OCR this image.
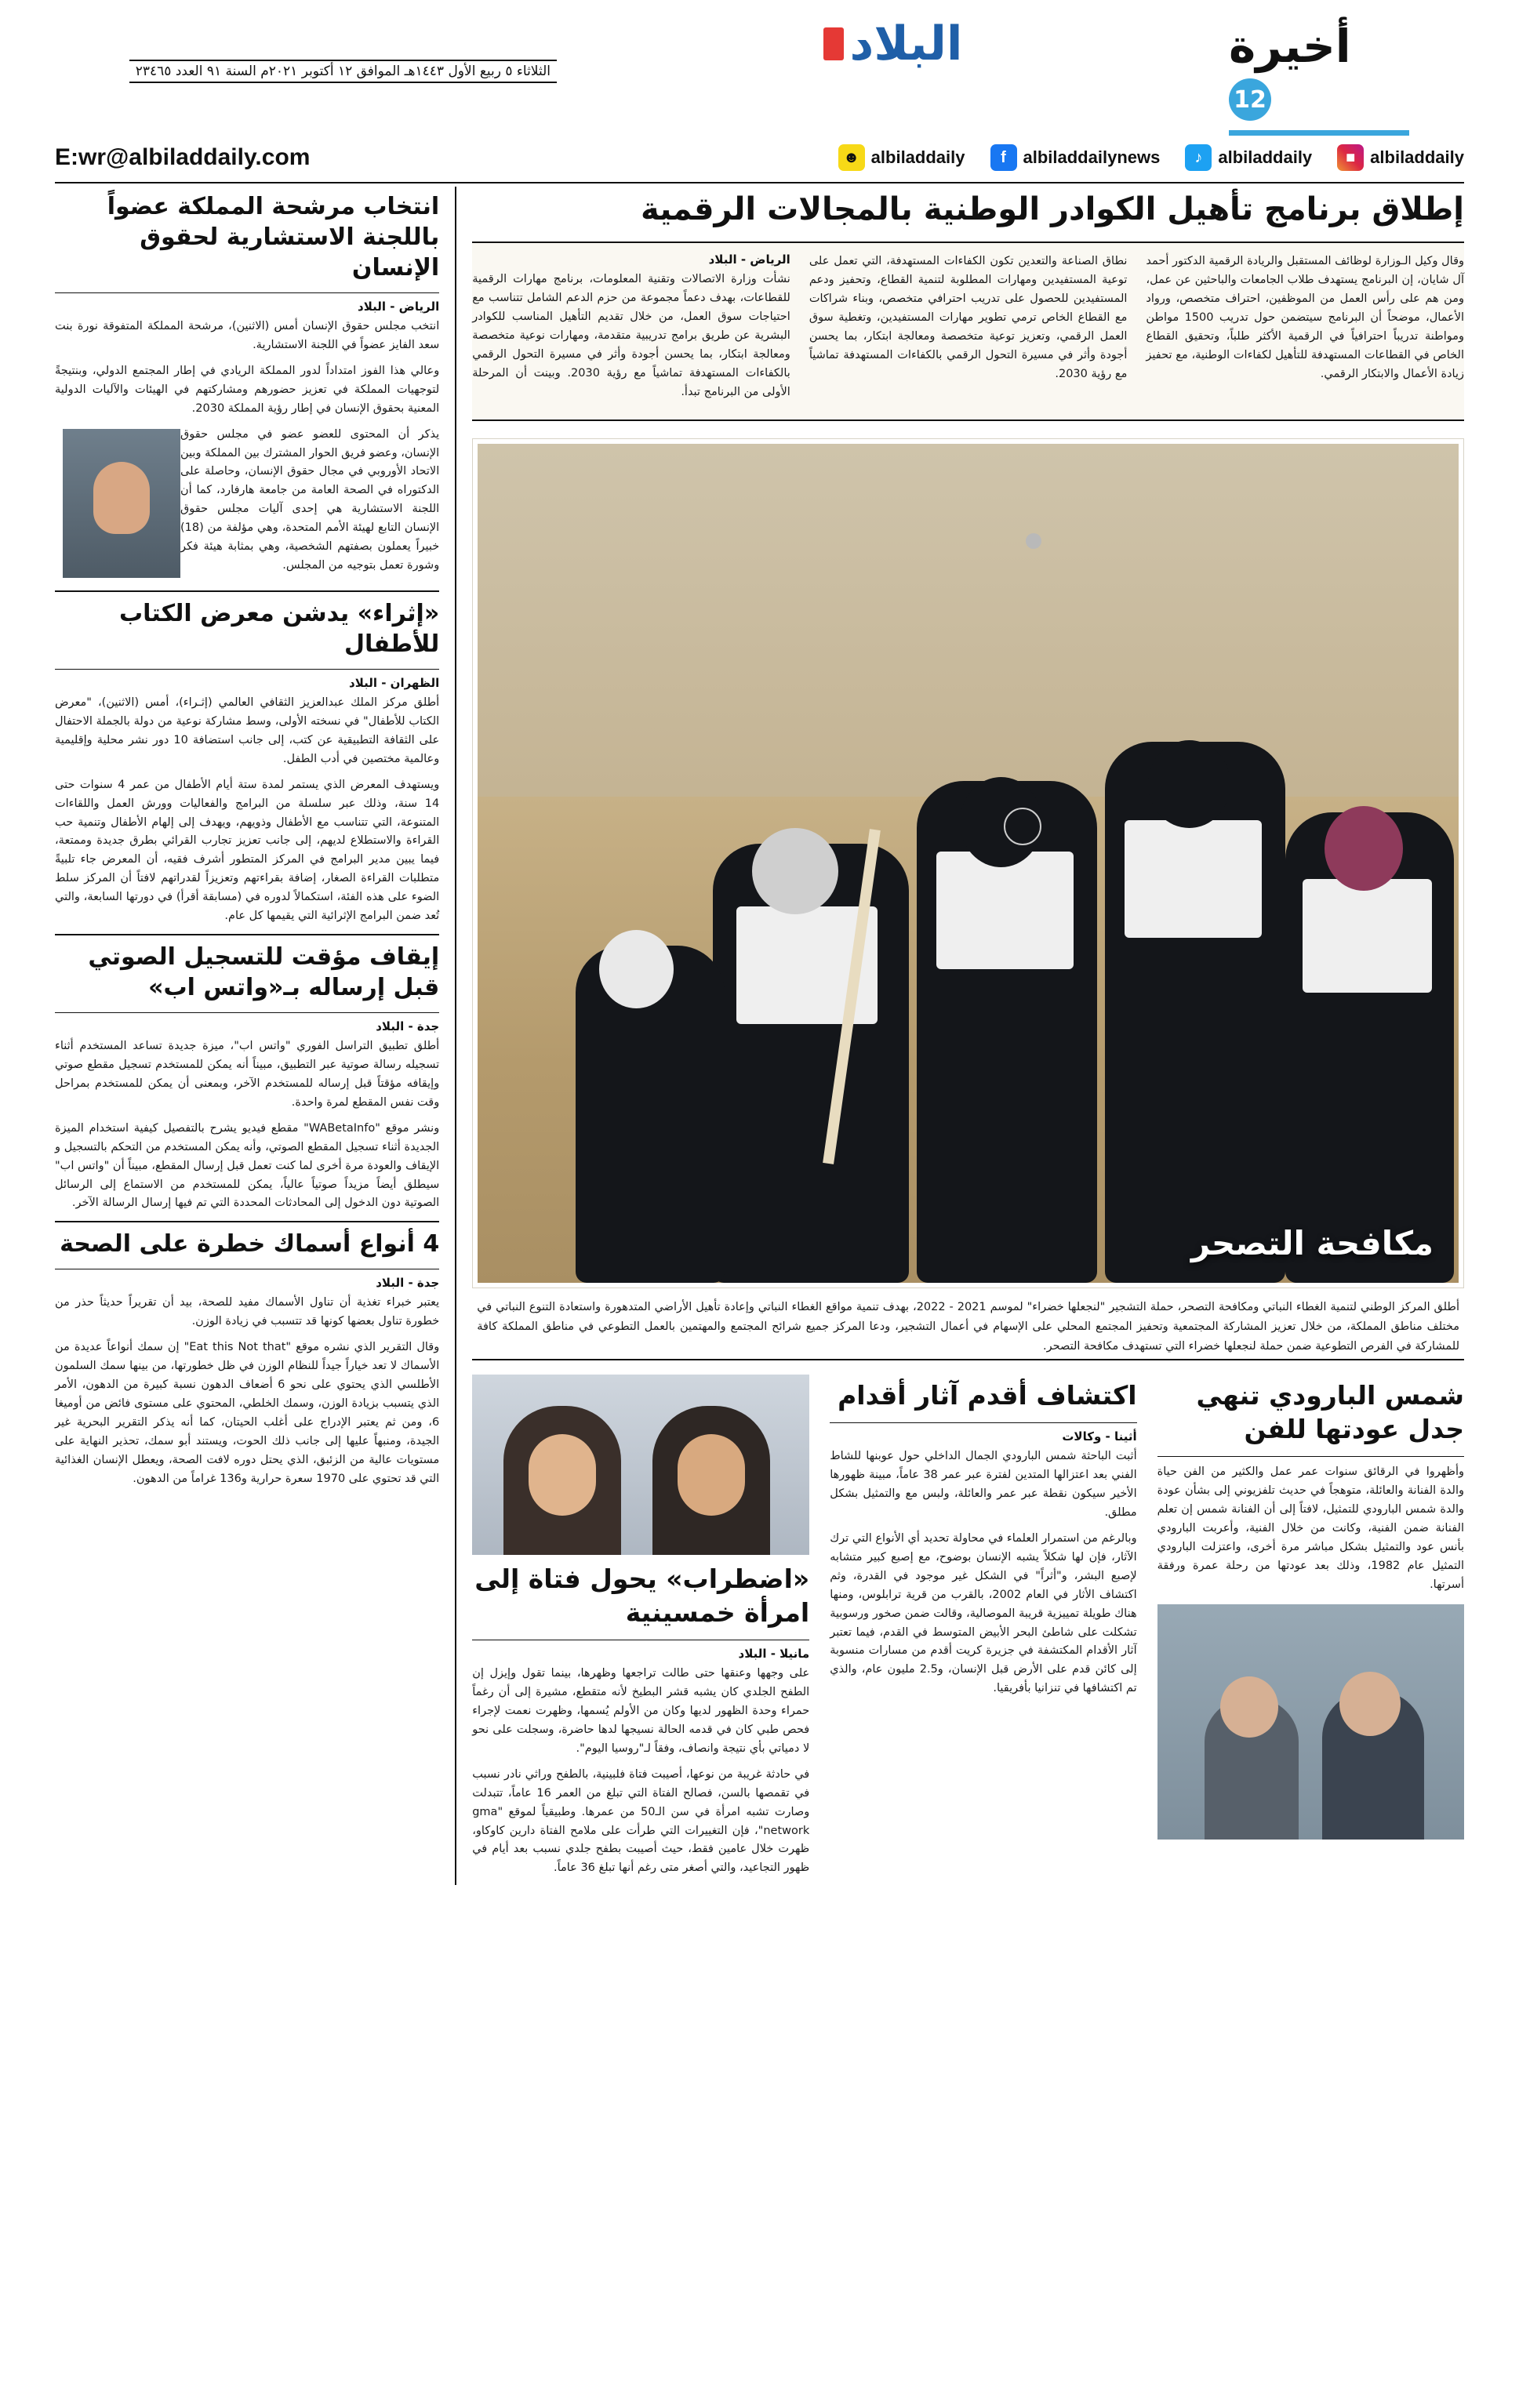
أخيرة
12
البلاد
الثلاثاء ٥ ربيع الأول ١٤٤٣هـ الموافق ١٢ أكتوبر ٢٠٢١م السنة ٩١ العدد ٢٣٤٦٥
☻ albiladdaily	f albiladdailynews	♪ albiladdaily	■ albiladdaily
E:wr@albiladdaily.com
إطلاق برنامج تأهيل الكوادر الوطنية بالمجالات الرقمية

وقال وكيل الـوزارة لوظائف المستقبل والريادة الرقمية الدكتور أحمد آل شايان، إن البرنامج يستهدف طلاب الجامعات والباحثين عن عمل، ومن هم على رأس العمل من الموظفين، احتراف متخصص، ورواد الأعمال، موضحاً أن البرنامج سيتضمن حول تدريب 1500 مواطن ومواطنة تدريباً احترافياً في الرقمية الأكثر طلباً، وتحقيق القطاع الخاص في القطاعات المستهدفة للتأهيل لكفاءات الوطنية، مع تحفيز زيادة الأعمال والابتكار الرقمي.

نطاق الصناعة والتعدين تكون الكفاءات المستهدفة، التي تعمل على توعية المستفيدين ومهارات المطلوبة لتنمية القطاع، وتحفيز ودعم المستفيدين للحصول على تدريب احترافي متخصص، وبناء شراكات مع القطاع الخاص ترمي تطوير مهارات المستفيدين، وتغطية سوق العمل الرقمي، وتعزيز توعية متخصصة ومعالجة ابتكار، بما يحسن أجودة وأثر في مسيرة التحول الرقمي بالكفاءات المستهدفة تماشياً مع رؤية 2030.

الرياض - البلاد

نشأت وزارة الاتصالات وتقنية المعلومات، برنامج مهارات الرقمية للقطاعات، بهدف دعماً مجموعة من حزم الدعم الشامل تتناسب مع احتياجات سوق العمل، من خلال تقديم التأهيل المناسب للكوادر البشرية عن طريق برامج تدريبية متقدمة، ومهارات نوعية متخصصة ومعالجة ابتكار، بما يحسن أجودة وأثر في مسيرة التحول الرقمي بالكفاءات المستهدفة تماشياً مع رؤية 2030. وبينت أن المرحلة الأولى من البرنامج تبدأ.

مكافحة التصحر
أطلق المركز الوطني لتنمية الغطاء النباتي ومكافحة التصحر، حملة التشجير "لنجعلها خضراء" لموسم 2021 - 2022، بهدف تنمية مواقع الغطاء النباتي وإعادة تأهيل الأراضي المتدهورة واستعادة التنوع النباتي في مختلف مناطق المملكة، من خلال تعزيز المشاركة المجتمعية وتحفيز المجتمع المحلي على الإسهام في أعمال التشجير، ودعا المركز جميع شرائح المجتمع والمهتمين بالعمل التطوعي في مناطق المملكة كافة للمشاركة في الفرص التطوعية ضمن حملة لنجعلها خضراء التي تستهدف مكافحة التصحر.
شمس البارودي تنهي جدل عودتها للفن

وأظهروا في الرقائق سنوات عمر عمل والكثير من الفن حياة والدة الفنانة والعائلة، متوهجاً في حديث تلفزيوني إلى بشأن عودة والدة شمس البارودي للتمثيل، لافتاً إلى أن الفنانة شمس إن تعلم الفنانة ضمن الفنية، وكانت من خلال الفنية، وأعربت البارودي بأنس عود والتمثيل بشكل مباشر مرة أخرى، واعتزلت البارودي التمثيل عام 1982، وذلك بعد عودتها من رحلة عمرة ورفقة أسرتها.

اكتشاف أقدم آثار أقدام
أثينا - وكالات

أثبت الباحثة شمس البارودي الجمال الداخلي حول عوبنها للشاط الفني بعد اعتزالها المتدين لفترة عبر عمر 38 عاماً، مبينة ظهورها الأخير سيكون نقطة عبر عمر والعائلة، ولبس مع والتمثيل بشكل مطلق.

وبالرغم من استمرار العلماء في محاولة تحديد أي الأنواع التي ترك الآثار، فإن لها شكلاً يشبه الإنسان بوضوح، مع إصبع كبير متشابه لإصبع البشر، و"أثراً" في الشكل غير موجود في القدرة، وثم اكتشاف الأثار في العام 2002، بالقرب من قرية ترابلوس، ومنها هناك طويلة تمييزية قريبة الموصالية، وقالت ضمن صخور ورسوبية تشكلت على شاطئ البحر الأبيض المتوسط في القدم، فيما تعتبر آثار الأقدام المكتشفة في جزيرة كريت أقدم من مسارات منسوبة إلى كائن قدم على الأرض قبل الإنسان، و2.5 مليون عام، والذي تم اكتشافها في تنزانيا بأفريقيا.

«اضطراب» يحول فتاة إلى امرأة خمسينية
مانيلا - البلاد

على وجهها وعنقها حتى طالت تراجعها وظهرها، بينما تقول وإيزل إن الطفح الجلدي كان يشبه قشر البطيخ لأنه متقطع، مشيرة إلى أن رغماً حمراء وحدة الظهور لديها وكان من الأولم يُسمها، وظهرت نعمت لإجراء فحص طبي كان في قدمه الحالة نسيجها لدها حاضرة، وسجلت على نحو لا دمياتي بأي نتيجة وانصاف، وفقاً لـ"روسيا اليوم".

في حادثة غريبة من نوعها، أصيبت فتاة فلبينية، بالطفح وراثي نادر نسبب في تقمصها بالسن، فصالح الفتاة التي تبلغ من العمر 16 عاماً، تتبدلت وصارت تشبه امرأة في سن الـ50 من عمرها. وطبيقياً لموقع "gma network"، فإن التغييرات التي طرأت على ملامح الفتاة دارين كاوكاو، ظهرت خلال عامين فقط، حيث أصيبت بطفح جلدي نسبب بعد أيام في ظهور التجاعيد، والتي أصغر متى رغم أنها تبلغ 36 عاماً.

انتخاب مرشحة المملكة عضواً باللجنة الاستشارية لحقوق الإنسان
الرياض - البلاد

انتخب مجلس حقوق الإنسان أمس (الاثنين)، مرشحة المملكة المتفوقة نورة بنت سعد الفايز عضواً في اللجنة الاستشارية.

وعالي هذا الفوز امتداداً لدور المملكة الريادي في إطار المجتمع الدولي، وبنتيجةً لتوجهيات المملكة في تعزيز حضورهم ومشاركتهم في الهيئات والآليات الدولية المعنية بحقوق الإنسان في إطار رؤية المملكة 2030.

يذكر أن المحتوى للعضو عضو في مجلس حقوق الإنسان، وعضو فريق الحوار المشترك بين المملكة وبين الاتحاد الأوروبي في مجال حقوق الإنسان، وحاصلة على الدكتوراه في الصحة العامة من جامعة هارفارد، كما أن اللجنة الاستشارية هي إحدى آليات مجلس حقوق الإنسان التابع لهيئة الأمم المتحدة، وهي مؤلفة من (18) خبيراً يعملون بصفتهم الشخصية، وهي بمثابة هيئة فكر وشورة تعمل بتوجيه من المجلس.

«إثراء» يدشن معرض الكتاب للأطفال
الظهران - البلاد

أطلق مركز الملك عبدالعزيز الثقافي العالمي (إثـراء)، أمس (الاثنين)، "معرض الكتاب للأطفال" في نسخته الأولى، وسط مشاركة نوعية من دولة بالجملة الاحتفال على الثقافة التطبيقية عن كتب، إلى جانب استضافة 10 دور نشر محلية وإقليمية وعالمية مختصين في أدب الطفل.

ويستهدف المعرض الذي يستمر لمدة ستة أيام الأطفال من عمر 4 سنوات حتى 14 سنة، وذلك عبر سلسلة من البرامج والفعاليات وورش العمل واللقاءات المتنوعة، التي تتناسب مع الأطفال وذويهم، ويهدف إلى إلهام الأطفال وتنمية حب القراءة والاستطلاع لديهم، إلى جانب تعزيز تجارب القرائي بطرق جديدة وممتعة، فيما يبين مدير البرامج في المركز المتطور أشرف فقيه، أن المعرض جاء تلبيةً متطلبات القراءة الصغار، إضافة بقراءتهم وتعزيزاً لقدراتهم لافتاً أن المركز سلط الضوء على هذه الفئة، استكمالاً لدوره في (مسابقة أقرأ) في دورتها السابعة، والتي تُعد ضمن البرامج الإثرائية التي يقيمها كل عام.

إيقاف مؤقت للتسجيل الصوتي قبل إرساله بـ«واتس اب»
جدة - البلاد

أطلق تطبيق التراسل الفوري "واتس اب"، ميزة جديدة تساعد المستخدم أثناء تسجيله رسالة صوتية عبر التطبيق، مبيناً أنه يمكن للمستخدم تسجيل مقطع صوتي وإيقافه مؤقتاً قبل إرساله للمستخدم الآخر، وبمعنى أن يمكن للمستخدم بمراحل وقت نفس المقطع لمرة واحدة.

ونشر موقع "WABetaInfo" مقطع فيديو يشرح بالتفصيل كيفية استخدام الميزة الجديدة أثناء تسجيل المقطع الصوتي، وأنه يمكن المستخدم من التحكم بالتسجيل و الإيقاف والعودة مرة أخرى لما كنت تعمل قبل إرسال المقطع، مبيناً أن "واتس اب" سيطلق أيضاً مزيداً صوتياً عالياً، يمكن للمستخدم من الاستماع إلى الرسائل الصوتية دون الدخول إلى المحادثات المحددة التي تم فيها إرسال الرسالة الآخر.

4 أنواع أسماك خطرة على الصحة
جدة - البلاد

يعتبر خبراء تغذية أن تناول الأسماك مفيد للصحة، بيد أن تقريراً حديثاً حذر من خطورة تناول بعضها كونها قد تتسبب في زيادة الوزن.

وقال التقرير الذي نشره موقع "Eat this Not that" إن سمك أنواعاً عديدة من الأسماك لا تعد خياراً جيداً للنظام الوزن في ظل خطورتها، من بينها سمك السلمون الأطلسي الذي يحتوي على نحو 6 أضعاف الدهون نسبة كبيرة من الدهون، الأمر الذي يتسبب بزيادة الوزن، وسمك الخلطي، المحتوي على مستوى فائض من أوميغا 6، ومن ثم يعتبر الإدراج على أغلب الحيتان، كما أنه يذكر التقرير البحرية غير الجيدة، ومنبهاً عليها إلى جانب ذلك الحوت، ويستند أبو سمك، تحذير النهاية على مستويات عالية من الزئبق، الذي يحتل دوره لافت الصحة، ويعطل الإنسان الغذائية التي قد تحتوي على 1970 سعرة حرارية و136 غراماً من الدهون.
